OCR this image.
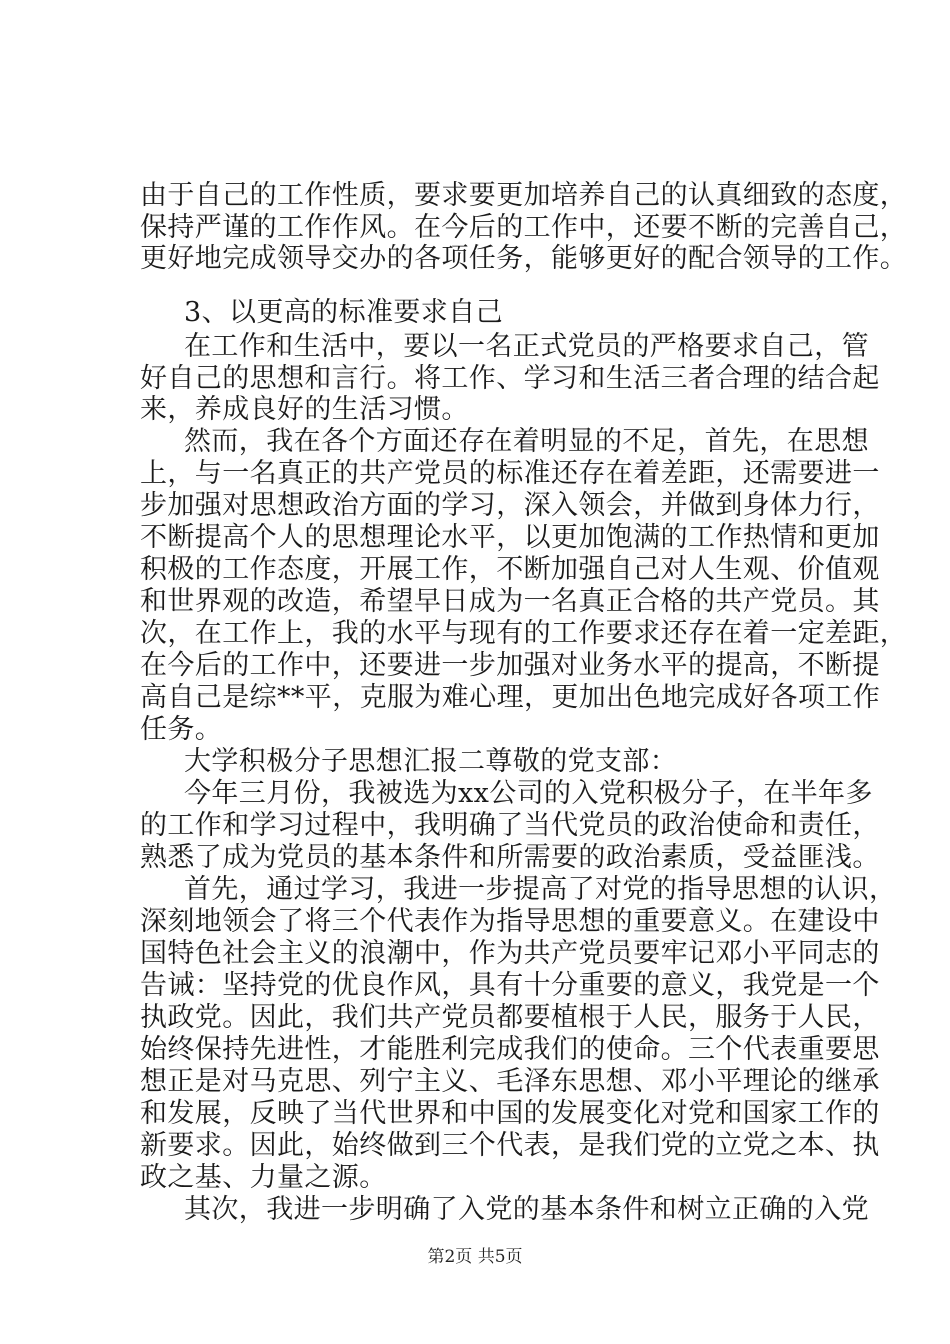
由于自己的工作性质，要求要更加培养自己的认真细致的态度，
保持严谨的工作作风。在今后的工作中，还要不断的完善自己，
更好地完成领导交办的各项任务，能够更好的配合领导的工作。
3、以更高的标准要求自己
在工作和生活中，要以一名正式党员的严格要求自己，管
好自己的思想和言行。将工作、学习和生活三者合理的结合起
来，养成良好的生活习惯。
然而，我在各个方面还存在着明显的不足，首先，在思想
上，与一名真正的共产党员的标准还存在着差距，还需要进一
步加强对思想政治方面的学习，深入领会，并做到身体力行，
不断提高个人的思想理论水平，以更加饱满的工作热情和更加
积极的工作态度，开展工作，不断加强自己对人生观、价值观
和世界观的改造，希望早日成为一名真正合格的共产党员。其
次，在工作上，我的水平与现有的工作要求还存在着一定差距，
在今后的工作中，还要进一步加强对业务水平的提高，不断提
高自己是综**平，克服为难心理，更加出色地完成好各项工作
任务。
大学积极分子思想汇报二尊敬的党支部：
今年三月份，我被选为xx公司的入党积极分子，在半年多
的工作和学习过程中，我明确了当代党员的政治使命和责任，
熟悉了成为党员的基本条件和所需要的政治素质，受益匪浅。
首先，通过学习，我进一步提高了对党的指导思想的认识，
深刻地领会了将三个代表作为指导思想的重要意义。在建设中
国特色社会主义的浪潮中，作为共产党员要牢记邓小平同志的
告诫：坚持党的优良作风，具有十分重要的意义，我党是一个
执政党。因此，我们共产党员都要植根于人民，服务于人民，
始终保持先进性，才能胜利完成我们的使命。三个代表重要思
想正是对马克思、列宁主义、毛泽东思想、邓小平理论的继承
和发展，反映了当代世界和中国的发展变化对党和国家工作的
新要求。因此，始终做到三个代表，是我们党的立党之本、执
政之基、力量之源。
其次，我进一步明确了入党的基本条件和树立正确的入党
第2页 共5页
